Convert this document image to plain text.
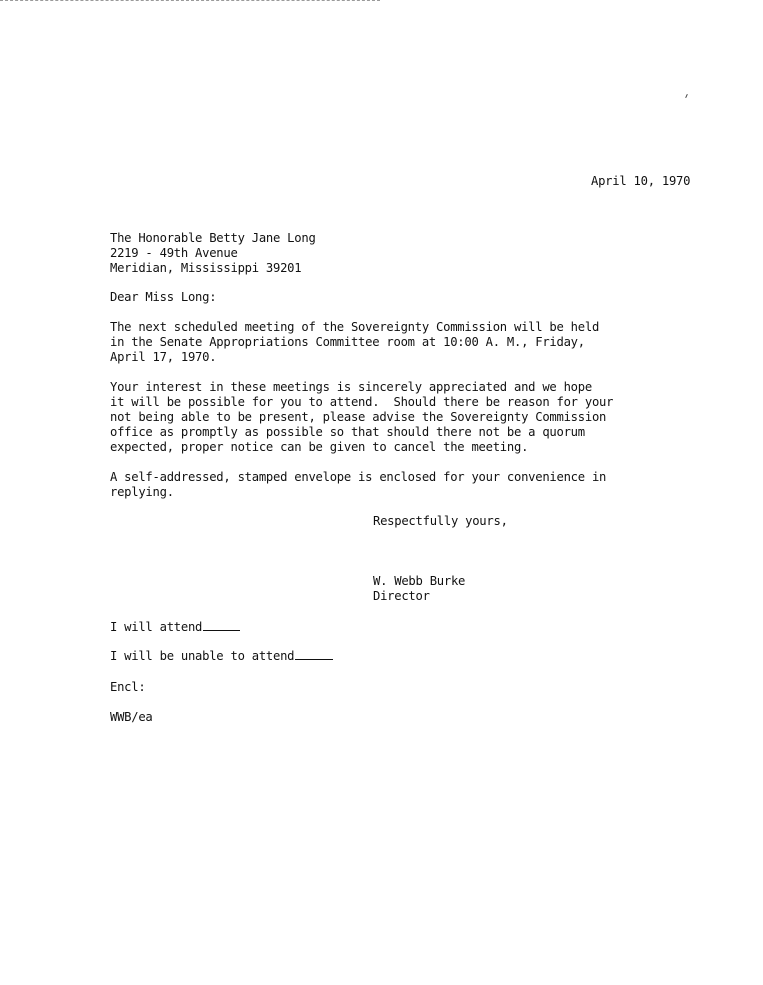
April 10, 1970
The Honorable Betty Jane Long
2219 - 49th Avenue
Meridian, Mississippi 39201
Dear Miss Long:
The next scheduled meeting of the Sovereignty Commission will be held
in the Senate Appropriations Committee room at 10:00 A. M., Friday,
April 17, 1970.
Your interest in these meetings is sincerely appreciated and we hope
it will be possible for you to attend.  Should there be reason for your
not being able to be present, please advise the Sovereignty Commission
office as promptly as possible so that should there not be a quorum
expected, proper notice can be given to cancel the meeting.
A self-addressed, stamped envelope is enclosed for your convenience in
replying.
Respectfully yours,
W. Webb Burke
Director
I will attend
I will be unable to attend
Encl:
WWB/ea
